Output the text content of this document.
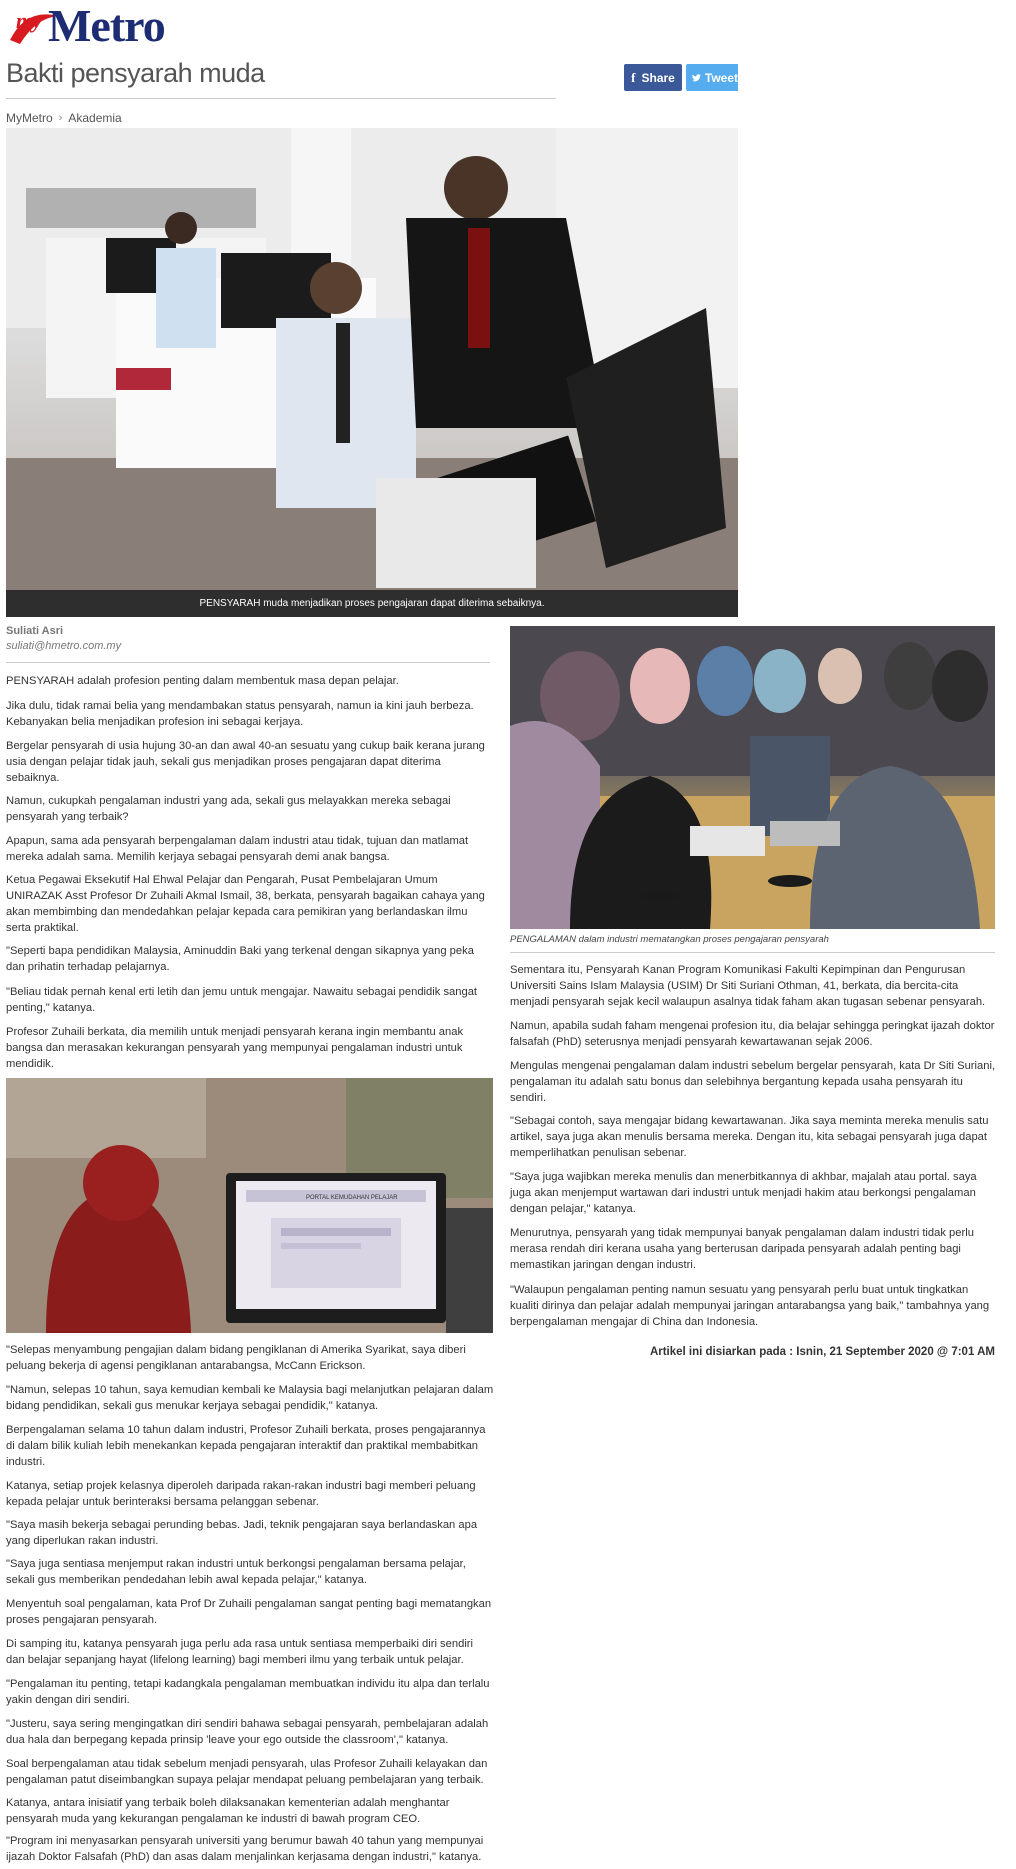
my Metro
Bakti pensyarah muda	f Share	Tweet
MyMetro › Akademia
PENSYARAH muda menjadikan proses pengajaran dapat diterima sebaiknya.
Suliati Asri
suliati@hmetro.com.my
PENSYARAH adalah profesion penting dalam membentuk masa depan pelajar.
Jika dulu, tidak ramai belia yang mendambakan status pensyarah, namun ia kini jauh berbeza. Kebanyakan belia menjadikan profesion ini sebagai kerjaya.
Bergelar pensyarah di usia hujung 30-an dan awal 40-an sesuatu yang cukup baik kerana jurang usia dengan pelajar tidak jauh, sekali gus menjadikan proses pengajaran dapat diterima sebaiknya.
Namun, cukupkah pengalaman industri yang ada, sekali gus melayakkan mereka sebagai pensyarah yang terbaik?
Apapun, sama ada pensyarah berpengalaman dalam industri atau tidak, tujuan dan matlamat mereka adalah sama. Memilih kerjaya sebagai pensyarah demi anak bangsa.
Ketua Pegawai Eksekutif Hal Ehwal Pelajar dan Pengarah, Pusat Pembelajaran Umum UNIRAZAK Asst Profesor Dr Zuhaili Akmal Ismail, 38, berkata, pensyarah bagaikan cahaya yang akan membimbing dan mendedahkan pelajar kepada cara pemikiran yang berlandaskan ilmu serta praktikal.
"Seperti bapa pendidikan Malaysia, Aminuddin Baki yang terkenal dengan sikapnya yang peka dan prihatin terhadap pelajarnya.
"Beliau tidak pernah kenal erti letih dan jemu untuk mengajar. Nawaitu sebagai pendidik sangat penting," katanya.
Profesor Zuhaili berkata, dia memilih untuk menjadi pensyarah kerana ingin membantu anak bangsa dan merasakan kekurangan pensyarah yang mempunyai pengalaman industri untuk mendidik.
PORTAL KEMUDAHAN PELAJAR
"Selepas menyambung pengajian dalam bidang pengiklanan di Amerika Syarikat, saya diberi peluang bekerja di agensi pengiklanan antarabangsa, McCann Erickson.
"Namun, selepas 10 tahun, saya kemudian kembali ke Malaysia bagi melanjutkan pelajaran dalam bidang pendidikan, sekali gus menukar kerjaya sebagai pendidik," katanya.
Berpengalaman selama 10 tahun dalam industri, Profesor Zuhaili berkata, proses pengajarannya di dalam bilik kuliah lebih menekankan kepada pengajaran interaktif dan praktikal membabitkan industri.
Katanya, setiap projek kelasnya diperoleh daripada rakan-rakan industri bagi memberi peluang kepada pelajar untuk berinteraksi bersama pelanggan sebenar.
"Saya masih bekerja sebagai perunding bebas. Jadi, teknik pengajaran saya berlandaskan apa yang diperlukan rakan industri.
"Saya juga sentiasa menjemput rakan industri untuk berkongsi pengalaman bersama pelajar, sekali gus memberikan pendedahan lebih awal kepada pelajar," katanya.
Menyentuh soal pengalaman, kata Prof Dr Zuhaili pengalaman sangat penting bagi mematangkan proses pengajaran pensyarah.
Di samping itu, katanya pensyarah juga perlu ada rasa untuk sentiasa memperbaiki diri sendiri dan belajar sepanjang hayat (lifelong learning) bagi memberi ilmu yang terbaik untuk pelajar.
"Pengalaman itu penting, tetapi kadangkala pengalaman membuatkan individu itu alpa dan terlalu yakin dengan diri sendiri.
"Justeru, saya sering mengingatkan diri sendiri bahawa sebagai pensyarah, pembelajaran adalah dua hala dan berpegang kepada prinsip 'leave your ego outside the classroom'," katanya.
Soal berpengalaman atau tidak sebelum menjadi pensyarah, ulas Profesor Zuhaili kelayakan dan pengalaman patut diseimbangkan supaya pelajar mendapat peluang pembelajaran yang terbaik.
Katanya, antara inisiatif yang terbaik boleh dilaksanakan kementerian adalah menghantar pensyarah muda yang kekurangan pengalaman ke industri di bawah program CEO.
"Program ini menyasarkan pensyarah universiti yang berumur bawah 40 tahun yang mempunyai ijazah Doktor Falsafah (PhD) dan asas dalam menjalinkan kerjasama dengan industri," katanya.
PENGALAMAN dalam industri mematangkan proses pengajaran pensyarah
Sementara itu, Pensyarah Kanan Program Komunikasi Fakulti Kepimpinan dan Pengurusan Universiti Sains Islam Malaysia (USIM) Dr Siti Suriani Othman, 41, berkata, dia bercita-cita menjadi pensyarah sejak kecil walaupun asalnya tidak faham akan tugasan sebenar pensyarah.
Namun, apabila sudah faham mengenai profesion itu, dia belajar sehingga peringkat ijazah doktor falsafah (PhD) seterusnya menjadi pensyarah kewartawanan sejak 2006.
Mengulas mengenai pengalaman dalam industri sebelum bergelar pensyarah, kata Dr Siti Suriani, pengalaman itu adalah satu bonus dan selebihnya bergantung kepada usaha pensyarah itu sendiri.
"Sebagai contoh, saya mengajar bidang kewartawanan. Jika saya meminta mereka menulis satu artikel, saya juga akan menulis bersama mereka. Dengan itu, kita sebagai pensyarah juga dapat memperlihatkan penulisan sebenar.
"Saya juga wajibkan mereka menulis dan menerbitkannya di akhbar, majalah atau portal. saya juga akan menjemput wartawan dari industri untuk menjadi hakim atau berkongsi pengalaman dengan pelajar," katanya.
Menurutnya, pensyarah yang tidak mempunyai banyak pengalaman dalam industri tidak perlu merasa rendah diri kerana usaha yang berterusan daripada pensyarah adalah penting bagi memastikan jaringan dengan industri.
"Walaupun pengalaman penting namun sesuatu yang pensyarah perlu buat untuk tingkatkan kualiti dirinya dan pelajar adalah mempunyai jaringan antarabangsa yang baik," tambahnya yang berpengalaman mengajar di China dan Indonesia.
Artikel ini disiarkan pada : Isnin, 21 September 2020 @ 7:01 AM
